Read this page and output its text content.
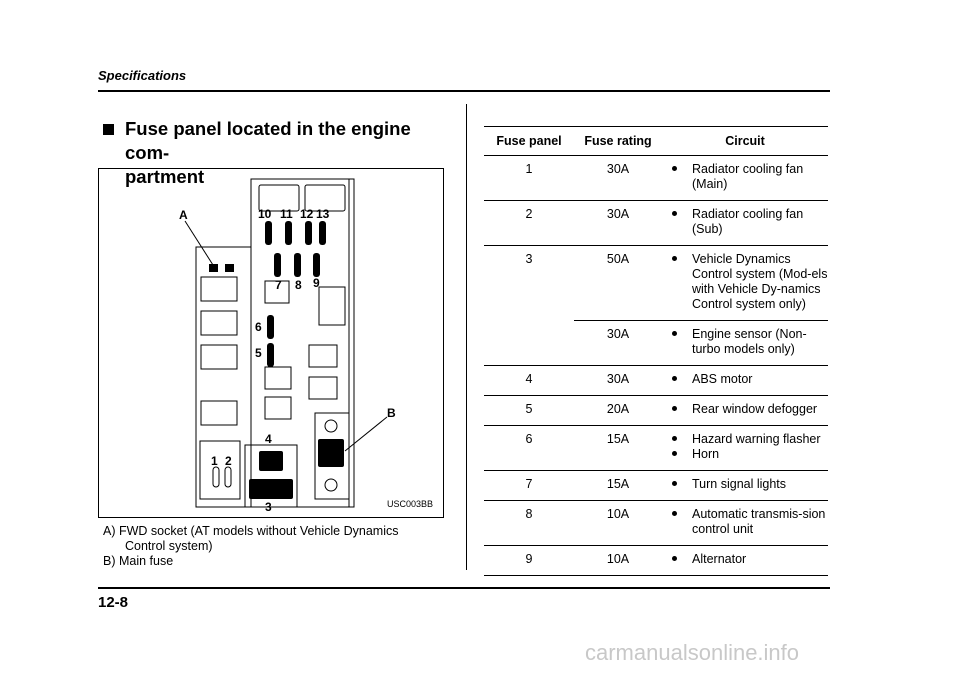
Specifications
Fuse panel located in the engine com-
partment
A
B
10 11 12 13
7 8 9
6
5
4
3
1 2
USC003BB
A) FWD socket (AT models without Vehicle Dynamics
Control system)
B) Main fuse
Fuse panel	Fuse rating	Circuit
1	30A	Radiator cooling fan (Main)

2	30A	Radiator cooling fan (Sub)

3	50A	Vehicle Dynamics Control system (Mod-els with Vehicle Dy-namics Control system only)

	30A	Engine sensor (Non-turbo models only)

4	30A	ABS motor

5	20A	Rear window defogger

6	15A	Hazard warning flasher
Horn

7	15A	Turn signal lights

8	10A	Automatic transmis-sion control unit

9	10A	Alternator
12-8
carmanualsonline.info
